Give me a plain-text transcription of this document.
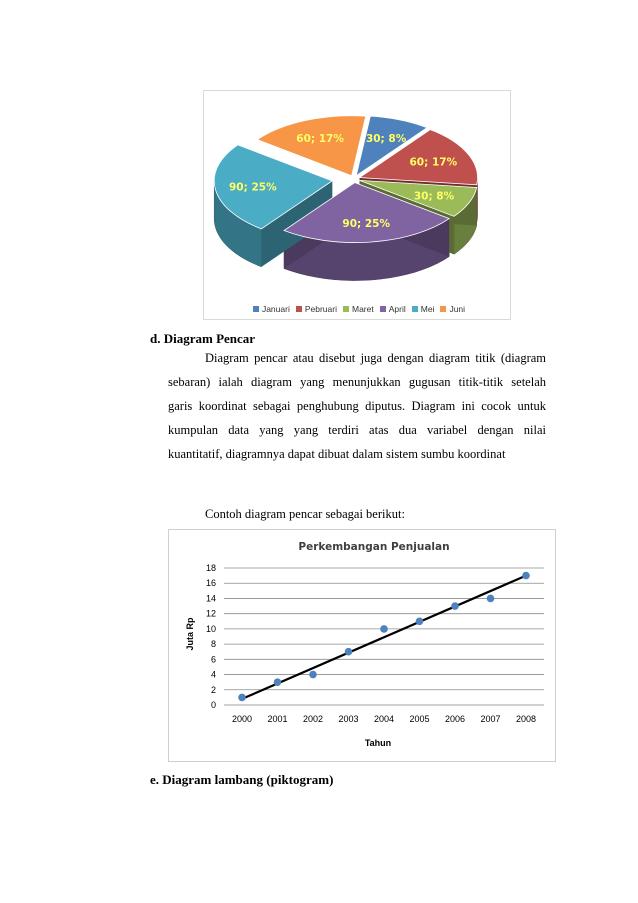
30; 8%
60; 17%
30; 8%
90; 25%
90; 25%
60; 17%
Januari Pebruari Maret April Mei Juni
d. Diagram Pencar
Diagram pencar atau disebut juga dengan diagram titik (diagram
sebaran) ialah diagram yang menunjukkan gugusan titik-titik setelah
garis koordinat sebagai penghubung diputus. Diagram ini cocok untuk
kumpulan data yang yang terdiri atas dua variabel dengan nilai
kuantitatif, diagramnya dapat dibuat dalam sistem sumbu koordinat
Contoh diagram pencar sebagai berikut:
Perkembangan Penjualan
Tahun
Juta Rp
0
2
4
6
8
10
12
14
16
18
2000 2001 2002 2003 2004 2005 2006 2007 2008
e. Diagram lambang (piktogram)
